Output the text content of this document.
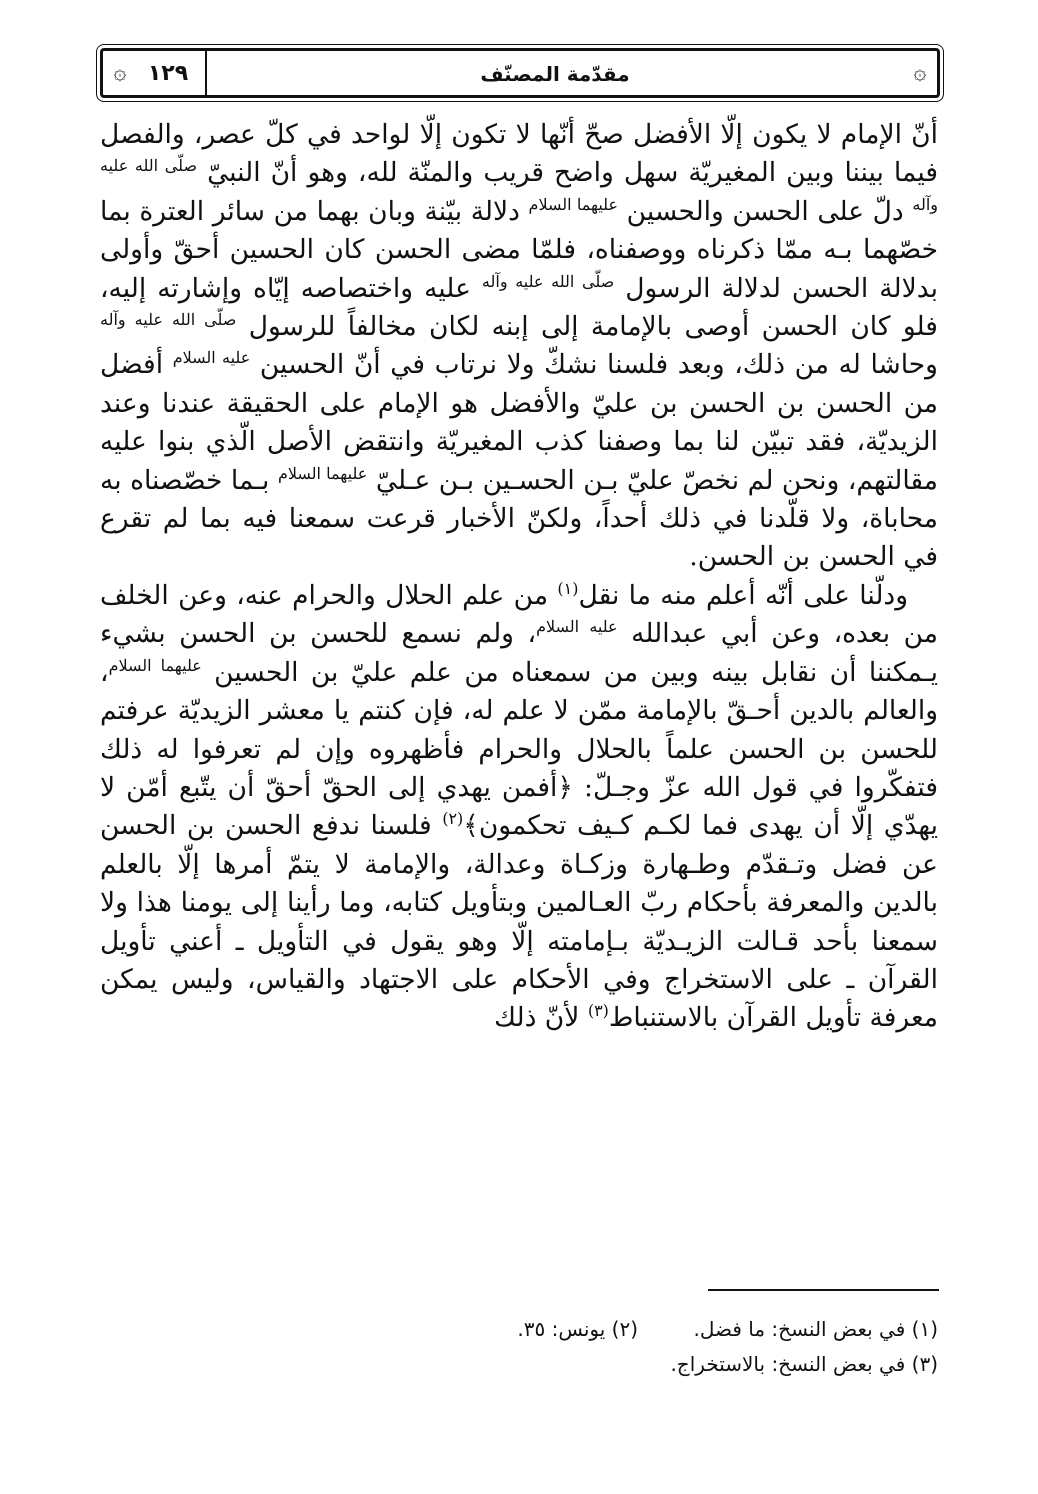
۞
مقدّمة المصنّف
١٢٩
۞

أنّ الإمام لا يكون إلّا الأفضل صحّ أنّها لا تكون إلّا لواحد في كلّ عصر، والفصل فيما بيننا وبين المغيريّة سهل واضح قريب والمنّة لله، وهو أنّ النبيّ $^{صلّى الله عليه وآله}$ دلّ على الحسن والحسين $^{عليهما السلام}$ دلالة بيّنة وبان بهما من سائر العترة بما خصّهما بـه ممّا ذكرناه ووصفناه، فلمّا مضى الحسن كان الحسين أحقّ وأولى بدلالة الحسن لدلالة الرسول $^{صلّى الله عليه وآله}$ عليه واختصاصه إيّاه وإشارته إليه، فلو كان الحسن أوصى بالإمامة إلى إبنه لكان مخالفاً للرسول $^{صلّى الله عليه وآله}$ وحاشا له من ذلك، وبعد فلسنا نشكّ ولا نرتاب في أنّ الحسين $^{عليه السلام}$ أفضل من الحسن بن الحسن بن عليّ والأفضل هو الإمام على الحقيقة عندنا وعند الزيديّة، فقد تبيّن لنا بما وصفنا كذب المغيريّة وانتقض الأصل الّذي بنوا عليه مقالتهم، ونحن لم نخصّ عليّ بـن الحسـين بـن عـليّ $^{عليهما السلام}$ بـما خصّصناه به محاباة، ولا قلّدنا في ذلك أحداً، ولكنّ الأخبار قرعت سمعنا فيه بما لم تقرع في الحسن بن الحسن.

ودلّنا على أنّه أعلم منه ما نقل$^{(١)}$ من علم الحلال والحرام عنه، وعن الخلف من بعده، وعن أبي عبدالله $^{عليه السلام}$، ولم نسمع للحسن بن الحسن بشيء يـمكننا أن نقابل بينه وبين من سمعناه من علم عليّ بن الحسين $^{عليهما السلام}$، والعالم بالدين أحـقّ بالإمامة ممّن لا علم له، فإن كنتم يا معشر الزيديّة عرفتم للحسن بن الحسن علماً بالحلال والحرام فأظهروه وإن لم تعرفوا له ذلك فتفكّروا في قول الله عزّ وجـلّ: ﴿أفمن يهدي إلى الحقّ أحقّ أن يتّبع أمّن لا يهدّي إلّا أن يهدى فما لكـم كـيف تحكمون﴾$^{(٢)}$ فلسنا ندفع الحسن بن الحسن عن فضل وتـقدّم وطـهارة وزكـاة وعدالة، والإمامة لا يتمّ أمرها إلّا بالعلم بالدين والمعرفة بأحكام ربّ العـالمين وبتأويل كتابه، وما رأينا إلى يومنا هذا ولا سمعنا بأحد قـالت الزيـديّة بـإمامته إلّا وهو يقول في التأويل ـ أعني تأويل القرآن ـ على الاستخراج وفي الأحكام على الاجتهاد والقياس، وليس يمكن معرفة تأويل القرآن بالاستنباط$^{(٣)}$ لأنّ ذلك

(١) في بعض النسخ: ما فضل.
(٢) يونس: ٣٥.
(٣) في بعض النسخ: بالاستخراج.
